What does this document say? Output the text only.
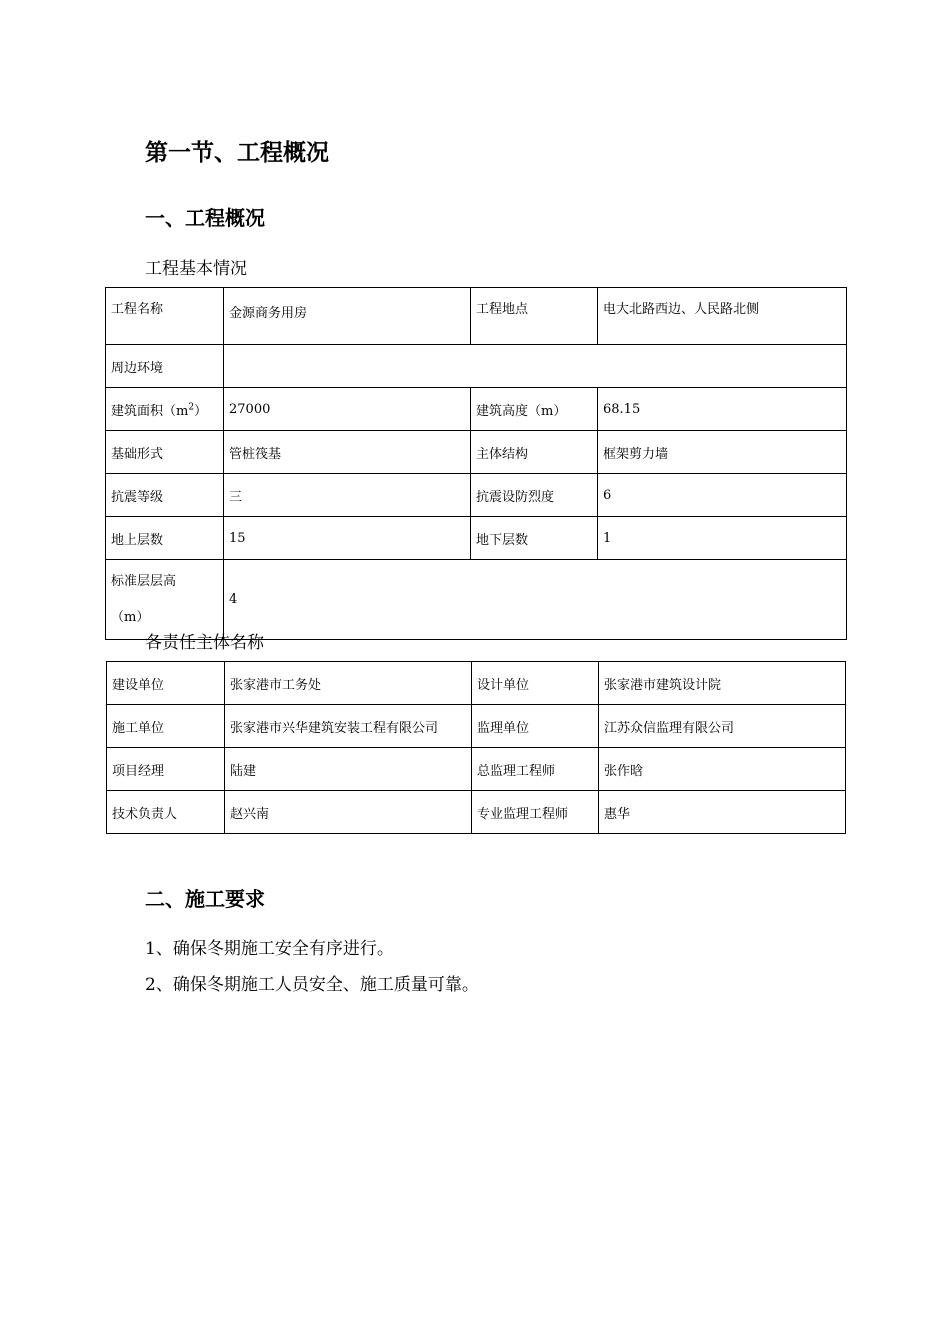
第一节、工程概况
一、工程概况
工程基本情况
工程名称	金源商务用房	工程地点	电大北路西边、人民路北侧
周边环境			
建筑面积$(m^2)$	27000	建筑高度（m）	68.15
基础形式	管桩筏基	主体结构	框架剪力墙
抗震等级	三	抗震设防烈度	6
地上层数	15	地下层数	1

标准层层高
（m）	4		
各责任主体名称
建设单位	张家港市工务处	设计单位	张家港市建筑设计院
施工单位	张家港市兴华建筑安装工程有限公司	监理单位	江苏众信监理有限公司
项目经理	陆建	总监理工程师	张作晗
技术负责人	赵兴南	专业监理工程师	惠华
二、施工要求
1、确保冬期施工安全有序进行。
2、确保冬期施工人员安全、施工质量可靠。
